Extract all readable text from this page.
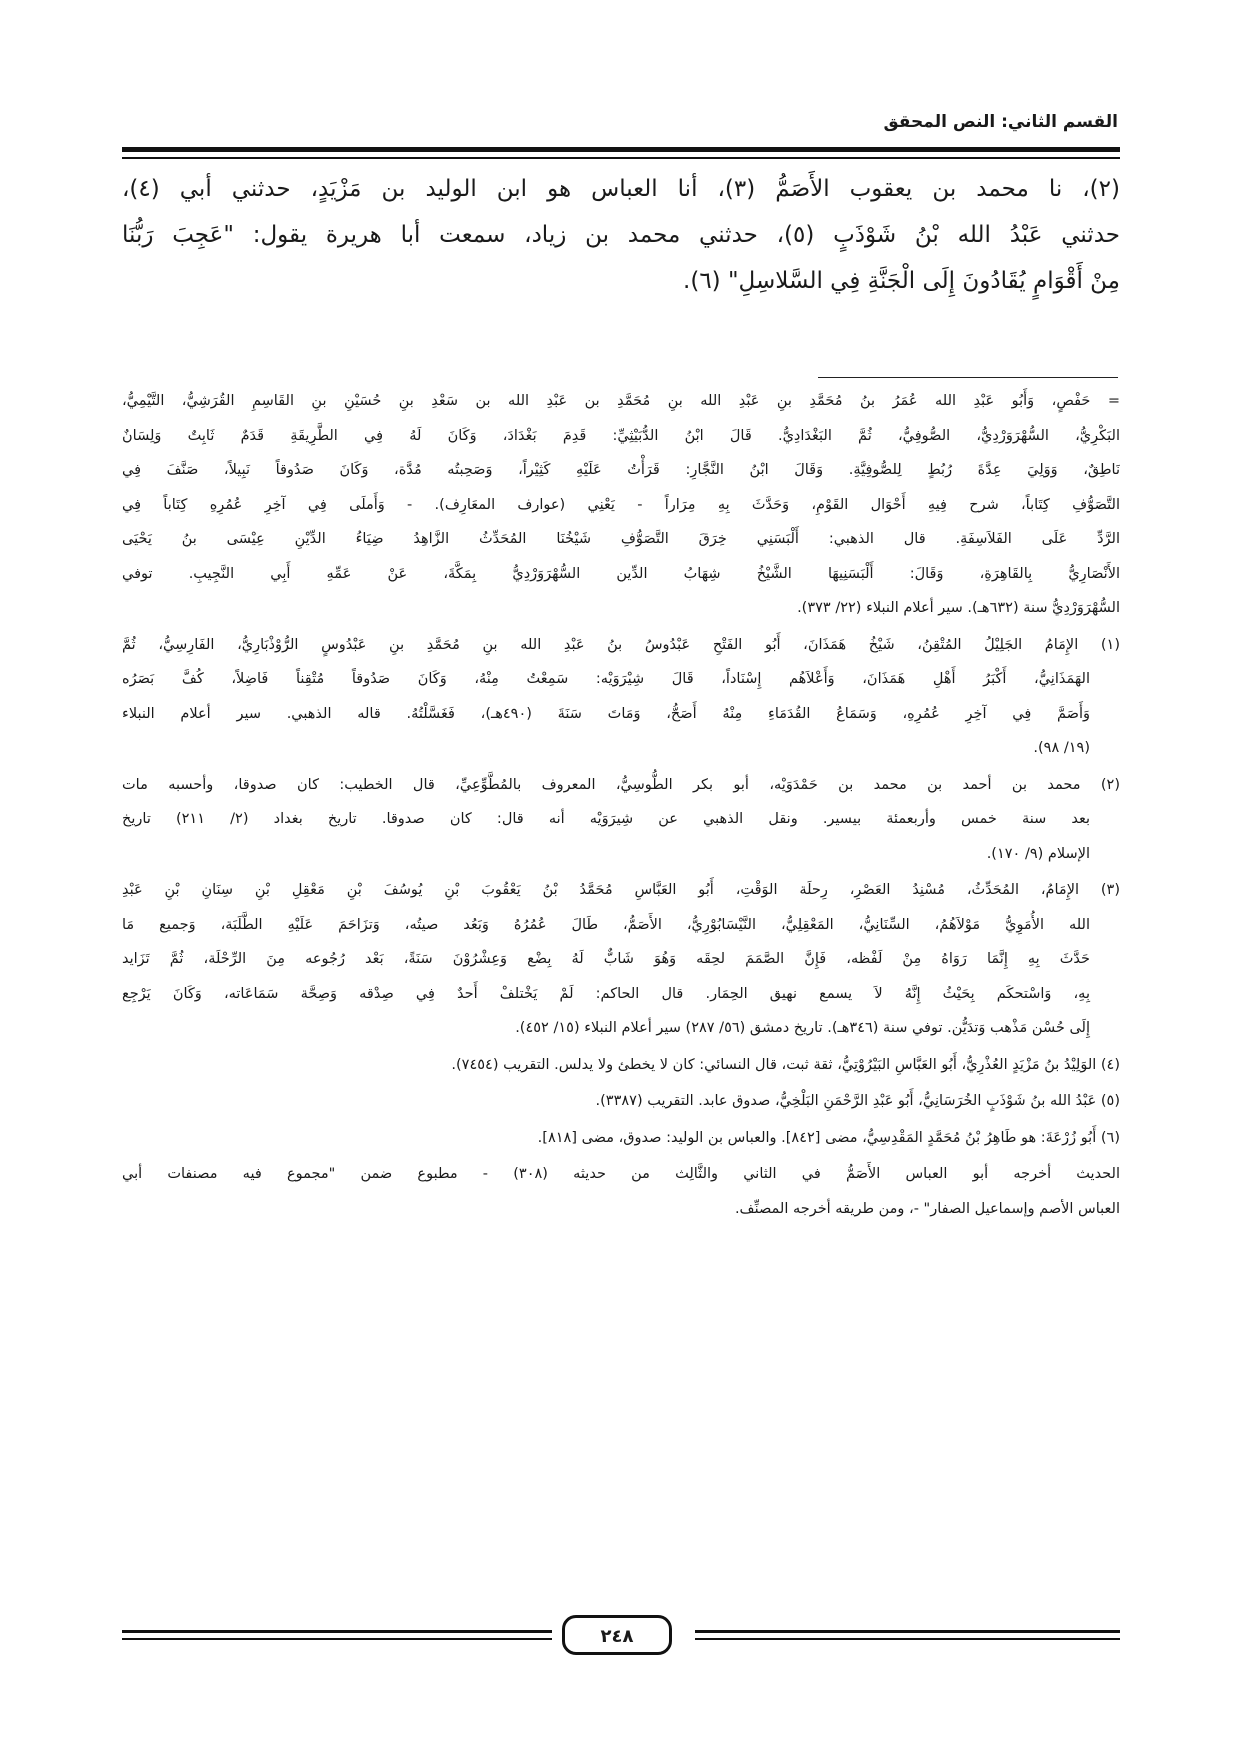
القسم الثاني: النص المحقق
(٢)، نا محمد بن يعقوب الأَصَمُّ (٣)، أنا العباس هو ابن الوليد بن مَزْيَدٍ، حدثني أبي (٤)،
حدثني عَبْدُ الله بْنُ شَوْذَبٍ (٥)، حدثني محمد بن زياد، سمعت أبا هريرة يقول: "عَجِبَ رَبُّنَا
مِنْ أَقْوَامٍ يُقَادُونَ إِلَى الْجَنَّةِ فِي السَّلاسِلِ" (٦).
= حَفْصٍ، وَأَبُو عَبْدِ الله عُمَرُ بنُ مُحَمَّدِ بنِ عَبْدِ الله بنِ مُحَمَّدِ بن عَبْدِ الله بن سَعْدِ بنِ حُسَيْنِ بنِ القَاسِمِ القُرَشِيُّ، التَّيْمِيُّ،
البَكْرِيُّ، السُّهْرَوَرْدِيُّ، الصُّوفِيُّ، ثُمَّ البَغْدَادِيُّ. قَالَ ابْنُ الدُّبَيْثِيِّ: قَدِمَ بَغْدَادَ، وَكَانَ لَهُ فِي الطَّرِيقَةِ قَدَمٌ ثَابِتٌ وَلِسَانٌ
نَاطِقٌ، وَوَلِيَ عِدَّةَ رُبُطٍ لِلصُّوفِيَّةِ. وَقَالَ ابْنُ النَّجَّارِ: قَرَأْتُ عَلَيْهِ كَثِيْراً، وَصَحِبتُه مُدَّة، وَكَانَ صَدُوقاً نَبِيلاً، صَنَّفَ فِي
التَّصَوُّفِ كِتَاباً، شرح فِيهِ أَحْوَال القَوْمِ، وَحَدَّثَ بِهِ مِرَاراً - يَعْنِي (عوارف المعَارِف). - وَأَملَى فِي آخِرِ عُمُرِهِ كِتَاباً فِي
الرَّدِّ عَلَى الفَلاَسِفَةِ. قال الذهبي: أَلْبَسَنِي خِرَقَ التَّصَوُّفِ شَيْخُنَا المُحَدِّثُ الزَّاهِدُ ضِيَاءُ الدِّيْنِ عِيْسَى بنُ يَحْيَى
الأَنْصَارِيُّ بِالقَاهِرَةِ، وَقَالَ: أَلْبَسَنِيهَا الشَّيْخُ شِهَابُ الدِّين السُّهْرَوَرْدِيُّ بِمَكَّةَ، عَنْ عَمِّهِ أَبِي النَّجِيبِ. توفي
السُّهْرَوَرْدِيُّ سنة (٦٣٢هـ). سير أعلام النبلاء (٢٢/ ٣٧٣).
(١) الإِمَامُ الجَلِيْلُ المُتْقِنُ، شَيْخُ هَمَذَانَ، أَبُو الفَتْحِ عَبْدُوسُ بنُ عَبْدِ الله بنِ مُحَمَّدِ بنِ عَبْدُوسٍ الرُّوْذْبَارِيُّ، الفَارِسِيُّ، ثُمَّ
الهَمَذَانِيُّ، أَكْبَرُ أَهْلِ هَمَذَانَ، وَأَعْلاَهُم إِسْنَاداً، قَالَ شِيْرَوَيْه: سَمِعْتُ مِنْهُ، وَكَانَ صَدُوقاً مُتْقِناً فَاضِلاً، كُفَّ بَصَرُه
وَأَصَمَّ فِي آخِرِ عُمُرِهِ، وَسَمَاعُ القُدَمَاءِ مِنْهُ أَصَحُّ، وَمَاتَ سَنَةَ (٤٩٠هـ)، فَغَسَّلْتُهُ. قاله الذهبي. سير أعلام النبلاء
(١٩/ ٩٨).
(٢) محمد بن أحمد بن محمد بن حَمْدَوَيْه، أبو بكر الطُّوسِيُّ، المعروف بالمُطَّوِّعِيِّ، قال الخطيب: كان صدوقا، وأحسبه مات
بعد سنة خمس وأربعمئة بيسير. ونقل الذهبي عن شِيرَوَيْه أنه قال: كان صدوقا. تاريخ بغداد (٢/ ٢١١) تاريخ
الإسلام (٩/ ١٧٠).
(٣) الإِمَامُ، المُحَدِّثُ، مُسْنِدُ العَصْرِ، رِحلَة الوَقْتِ، أَبُو العَبَّاسِ مُحَمَّدُ بْنُ يَعْقُوبَ بْنِ يُوسُفَ بْنِ مَعْقِلِ بْنِ سِنَانِ بْنِ عَبْدِ
الله الأُمَوِيُّ مَوْلاَهُمُ، السِّنَانِيُّ، المَعْقِلِيُّ، النَّيْسَابُوْرِيُّ، الأَصَمُّ، طَالَ عُمُرُهُ وَبَعُد صيتُه، وَتزَاحَمَ عَلَيْهِ الطَّلَبَة، وَجميع مَا
حَدَّثَ بِهِ إِنَّمَا رَوَاهُ مِنْ لَفْظه، فَإِنَّ الصَّمَمَ لحِقَه وَهُوَ شَابٌّ لَهُ بِضْع وَعِشْرُوْنَ سَنَةً، بَعْد رُجُوعه مِنَ الرِّحْلَة، ثُمَّ تَزَايد
بِهِ، وَاسْتحكَم بِحَيْثُ إِنَّهُ لاَ يسمع نهيق الحِمَار. قال الحاكم: لَمْ يَخْتلفْ أَحدٌ فِي صِدْقه وَصِحَّة سَمَاعَاته، وَكَانَ يَرْجِع
إِلَى حُسْن مَذْهب وَتدَيُّن. توفي سنة (٣٤٦هـ). تاريخ دمشق (٥٦/ ٢٨٧) سير أعلام النبلاء (١٥/ ٤٥٢).
(٤) الوَلِيْدُ بنُ مَزْيَدٍ العُذْرِيُّ، أَبُو العَبَّاسِ البَيْرُوْتِيُّ، ثقة ثبت، قال النسائي: كان لا يخطئ ولا يدلس. التقريب (٧٤٥٤).
(٥) عَبْدُ الله بنُ شَوْذَبٍ الخُرَسَانِيُّ، أَبُو عَبْدِ الرَّحْمَنِ البَلْخِيُّ، صدوق عابد. التقريب (٣٣٨٧).
(٦) أَبُو زُرْعَةَ: هو طَاهِرُ بْنُ مُحَمَّدٍ المَقْدِسِيُّ، مضى [٨٤٢]. والعباس بن الوليد: صدوق، مضى [٨١٨].
الحديث أخرجه أبو العباس الأَصَمُّ في الثاني والثَّالِث من حديثه (٣٠٨) - مطبوع ضمن "مجموع فيه مصنفات أبي
العباس الأصم وإسماعيل الصفار" -، ومن طريقه أخرجه المصنِّف.
٢٤٨
